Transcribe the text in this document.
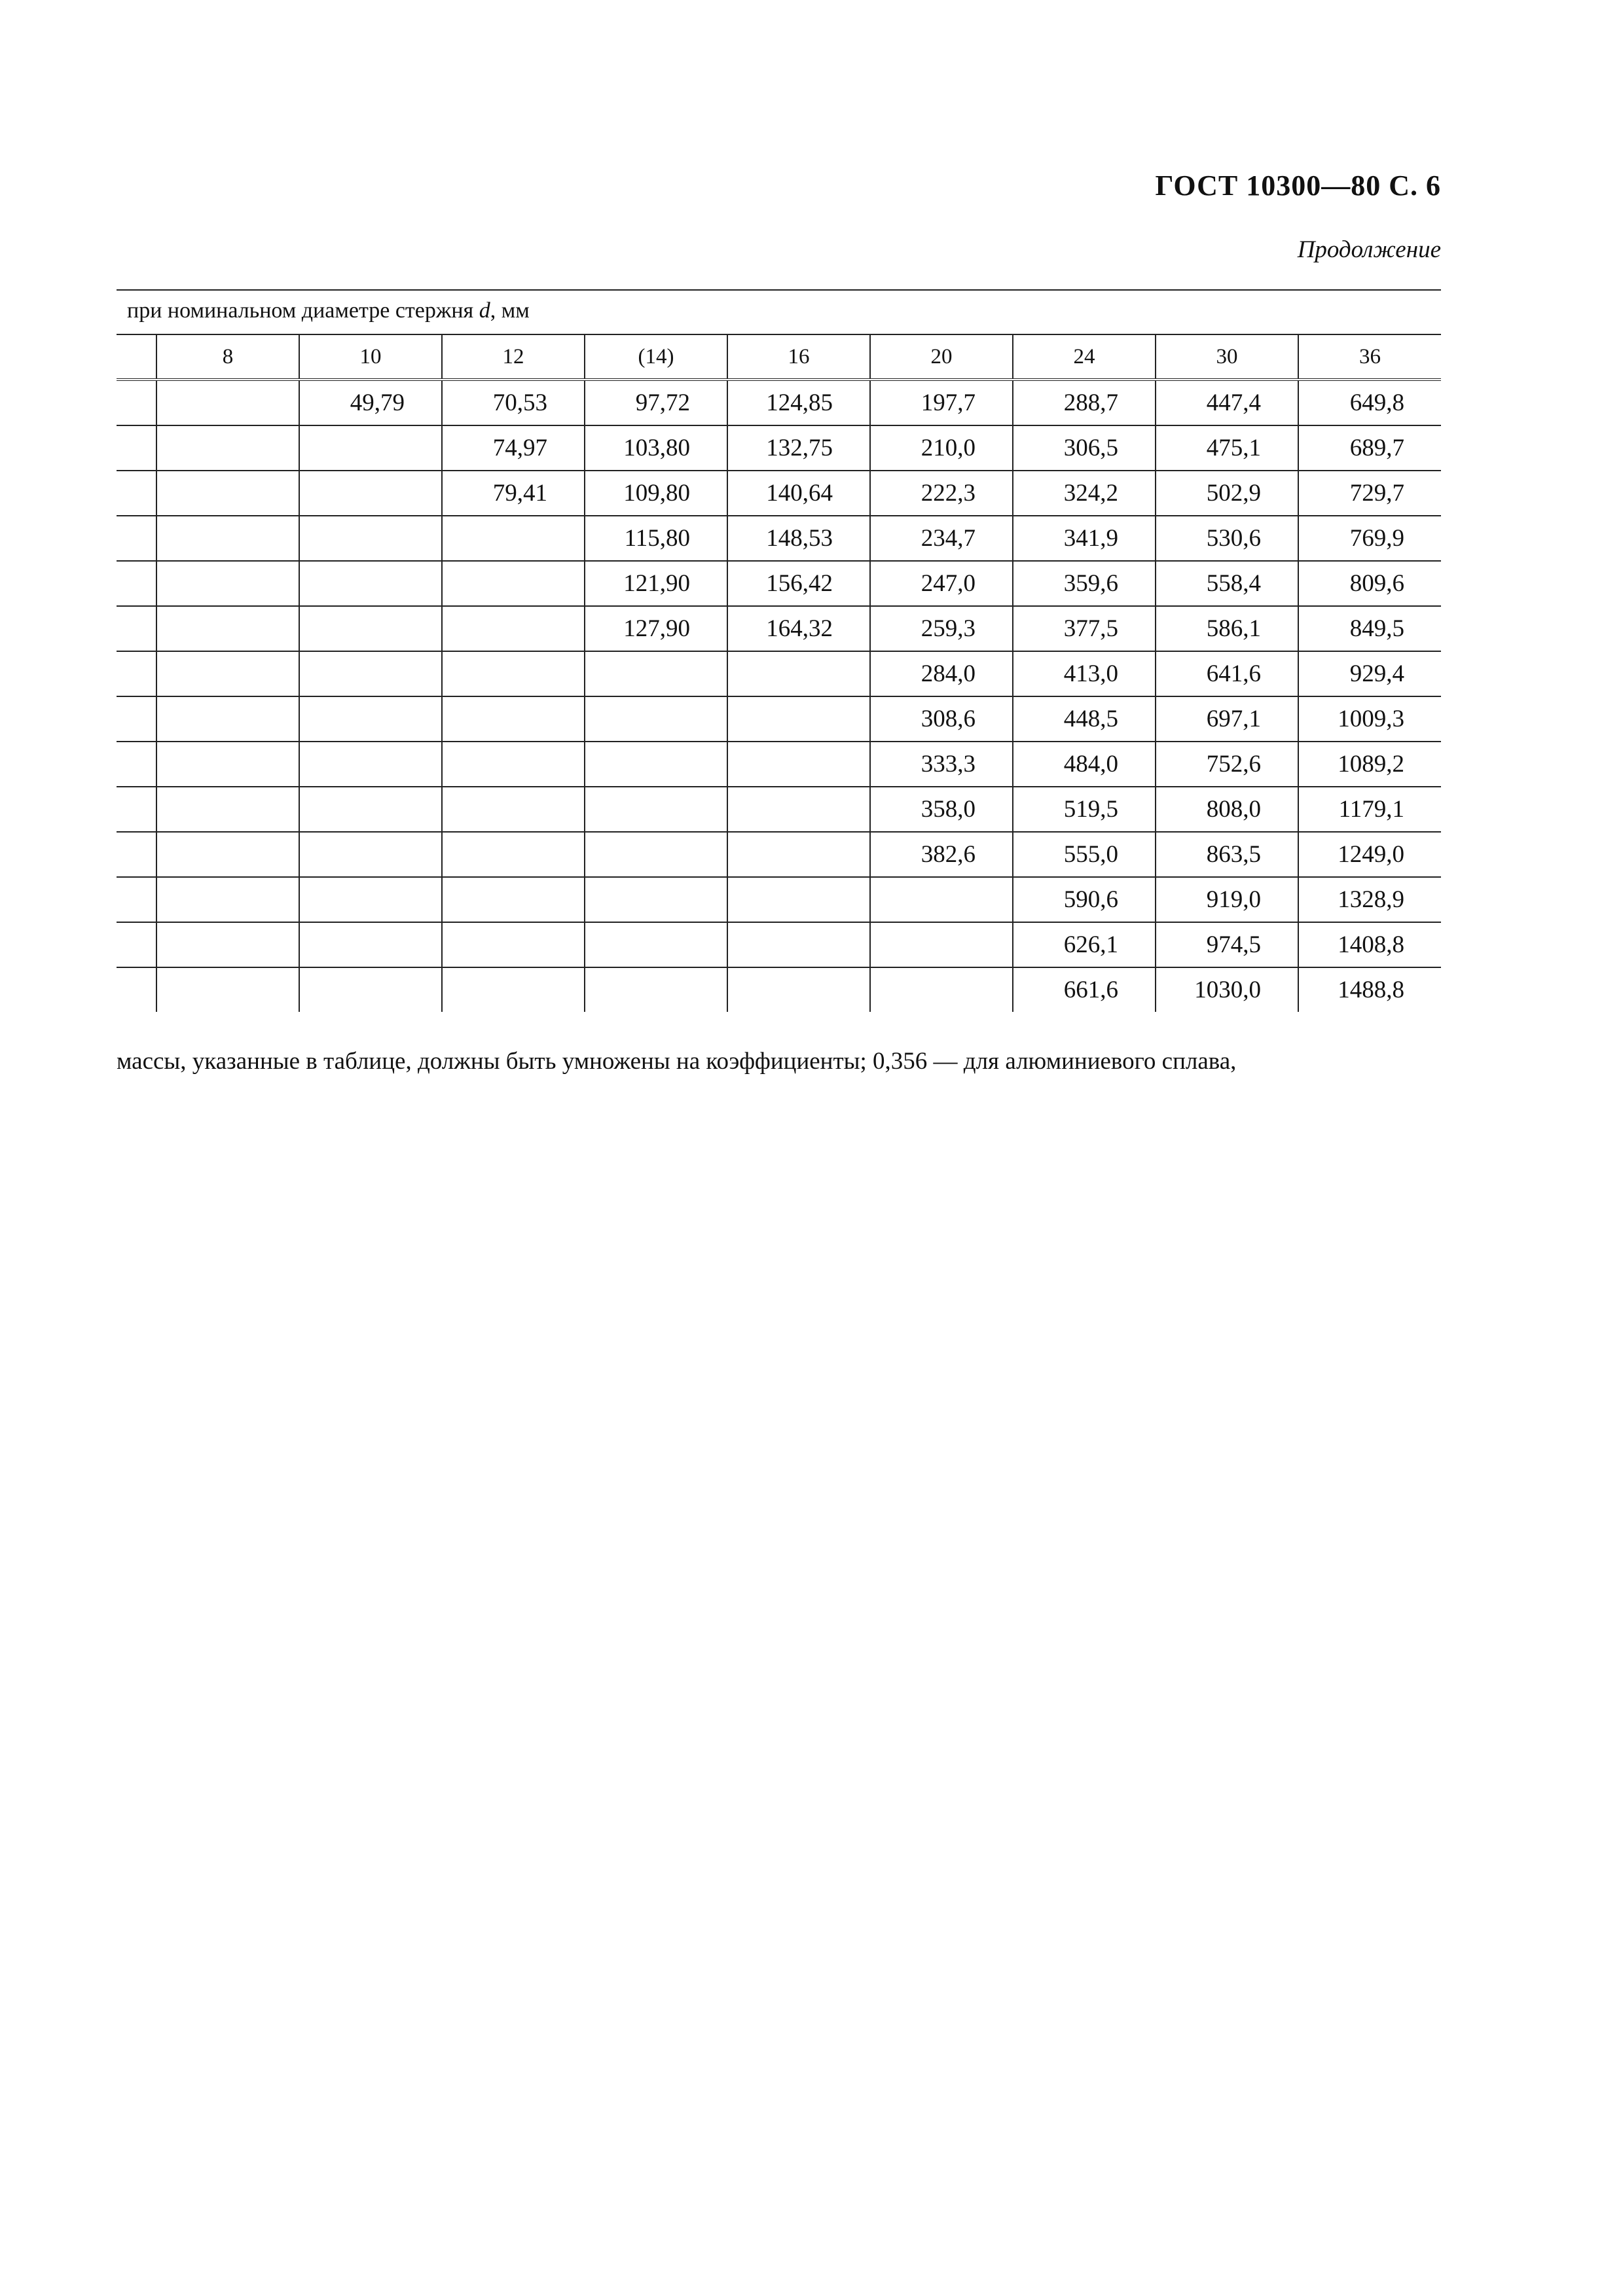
ГОСТ 10300—80 С. 6
Продолжение
при номинальном диаметре стержня d, мм
	8	10	12	(14)	16	20	24	30	36
		49,79	70,53	97,72	124,85	197,7	288,7	447,4	649,8
			74,97	103,80	132,75	210,0	306,5	475,1	689,7
			79,41	109,80	140,64	222,3	324,2	502,9	729,7
				115,80	148,53	234,7	341,9	530,6	769,9
				121,90	156,42	247,0	359,6	558,4	809,6
				127,90	164,32	259,3	377,5	586,1	849,5
						284,0	413,0	641,6	929,4
						308,6	448,5	697,1	1009,3
						333,3	484,0	752,6	1089,2
						358,0	519,5	808,0	1179,1
						382,6	555,0	863,5	1249,0
							590,6	919,0	1328,9
							626,1	974,5	1408,8
							661,6	1030,0	1488,8
массы, указанные в таблице, должны быть умножены на коэффициенты; 0,356 — для алюминиевого сплава,
